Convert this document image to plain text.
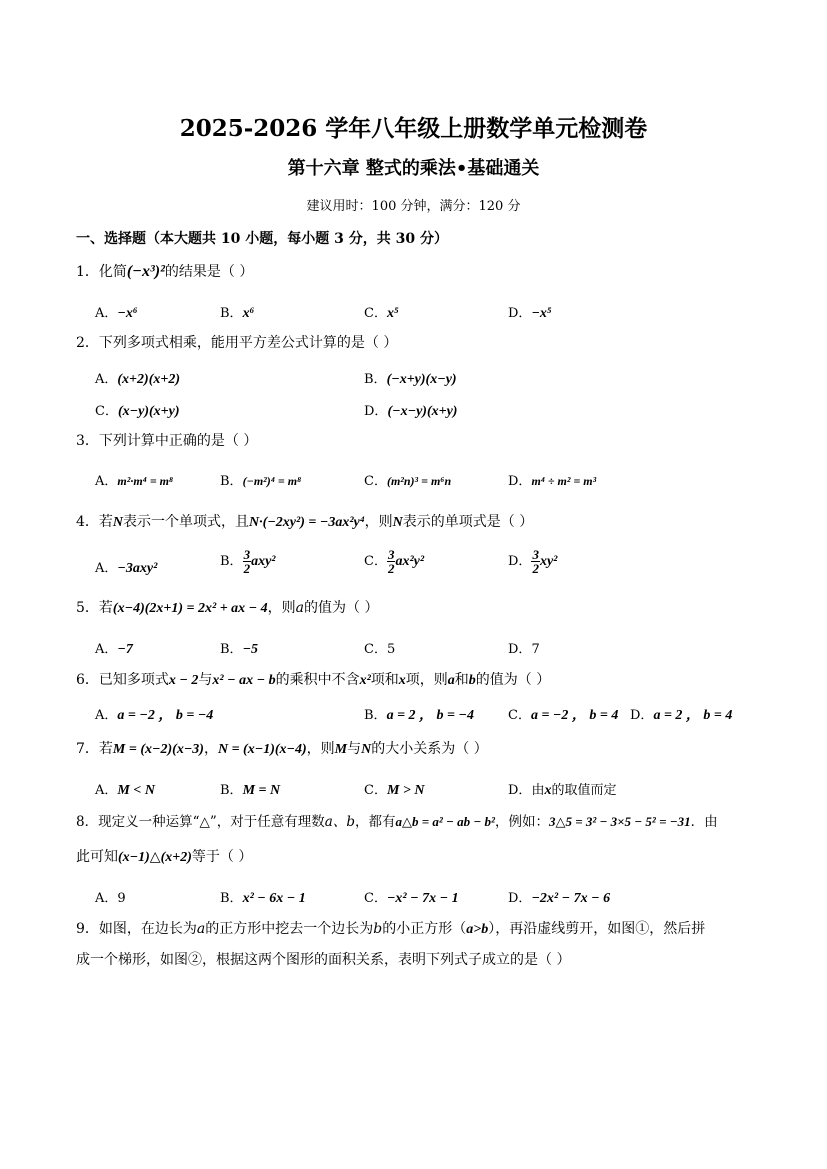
2025-2026 学年八年级上册数学单元检测卷
第十六章 整式的乘法•基础通关
建议用时：100 分钟，满分：120 分
一、选择题（本大题共 10 小题，每小题 3 分，共 30 分）
1．化简(−x³)²的结果是（ ）
A．−x⁶	B．x⁶	C．x⁵	D．−x⁵
2．下列多项式相乘，能用平方差公式计算的是（ ）
A．(x+2)(x+2)	B．(−x+y)(x−y)
C．(x−y)(x+y)	D．(−x−y)(x+y)
3．下列计算中正确的是（ ）
A．m²·m⁴ = m⁸	B．(−m²)⁴ = m⁸	C．(m²n)³ = m⁶n	D．m⁴ ÷ m² = m³
4．若N表示一个单项式，且N·(−2xy²) = −3ax²y⁴，则N表示的单项式是（ ）
A．−3axy²	B． $\frac{3}{2} axy^2$	C． $\frac{3}{2} ax^2y^2$	D． $\frac{3}{2} xy^2$
5．若(x−4)(2x+1) = 2x² + ax − 4，则a的值为（ ）
A．−7	B．−5	C．5	D．7
6．已知多项式x − 2与x² − ax − b的乘积中不含x²项和x项，则a和b的值为（ ）
A．a = −2 ， b = −4	B．a = 2 ， b = −4	C．a = −2 ， b = 4 D．a = 2 ， b = 4
7．若M = (x−2)(x−3)，N = (x−1)(x−4)，则M与N的大小关系为（ ）
A．M < N	B．M = N	C．M > N	D．由x的取值而定
8．现定义一种运算“△”，对于任意有理数a、b，都有a△b = a² − ab − b²，例如：3△5 = 3² − 3×5 − 5² = −31．由
此可知(x−1)△(x+2)等于（ ）
A．9	B．x² − 6x − 1	C．−x² − 7x − 1	D．−2x² − 7x − 6
9．如图，在边长为a的正方形中挖去一个边长为b的小正方形（a>b），再沿虚线剪开，如图①，然后拼
成一个梯形，如图②，根据这两个图形的面积关系，表明下列式子成立的是（ ）
